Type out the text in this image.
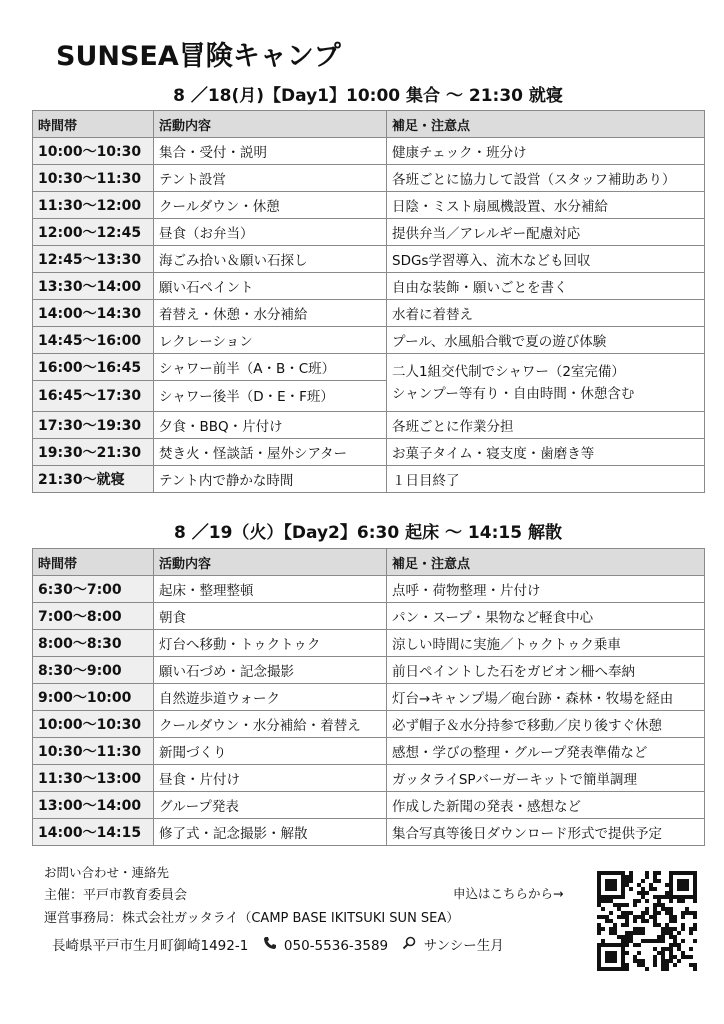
SUNSEA冒険キャンプ
8 ／18(月)【Day1】10:00 集合 ～ 21:30 就寝
時間帯	活動内容	補足・注意点
10:00〜10:30	集合・受付・説明	健康チェック・班分け
10:30〜11:30	テント設営	各班ごとに協力して設営（スタッフ補助あり）
11:30〜12:00	クールダウン・休憩	日陰・ミスト扇風機設置、水分補給
12:00〜12:45	昼食（お弁当）	提供弁当／アレルギー配慮対応
12:45〜13:30	海ごみ拾い＆願い石探し	SDGs学習導入、流木なども回収
13:30〜14:00	願い石ペイント	自由な装飾・願いごとを書く
14:00〜14:30	着替え・休憩・水分補給	水着に着替え
14:45〜16:00	レクレーション	プール、水風船合戦で夏の遊び体験
16:00〜16:45	シャワー前半（A・B・C班）	二人1組交代制でシャワー（2室完備）
シャンプー等有り・自由時間・休憩含む

16:45〜17:30	シャワー後半（D・E・F班）	
17:30〜19:30	夕食・BBQ・片付け	各班ごとに作業分担
19:30〜21:30	焚き火・怪談話・屋外シアター	お菓子タイム・寝支度・歯磨き等
21:30〜就寝	テント内で静かな時間	１日目終了
8 ／19（火）【Day2】6:30 起床 ～ 14:15 解散
時間帯	活動内容	補足・注意点
6:30〜7:00	起床・整理整頓	点呼・荷物整理・片付け
7:00〜8:00	朝食	パン・スープ・果物など軽食中心
8:00〜8:30	灯台へ移動・トゥクトゥク	涼しい時間に実施／トゥクトゥク乗車
8:30〜9:00	願い石づめ・記念撮影	前日ペイントした石をガビオン柵へ奉納
9:00〜10:00	自然遊歩道ウォーク	灯台→キャンプ場／砲台跡・森林・牧場を経由
10:00〜10:30	クールダウン・水分補給・着替え	必ず帽子＆水分持参で移動／戻り後すぐ休憩
10:30〜11:30	新聞づくり	感想・学びの整理・グループ発表準備など
11:30〜13:00	昼食・片付け	ガッタライSPバーガーキットで簡単調理
13:00〜14:00	グループ発表	作成した新聞の発表・感想など
14:00〜14:15	修了式・記念撮影・解散	集合写真等後日ダウンロード形式で提供予定
お問い合わせ・連絡先
主催：平戸市教育委員会
運営事務局：株式会社ガッタライ（CAMP BASE IKITSUKI SUN SEA）
申込はこちらから→
長崎県平戸市生月町御崎1492-1	050-5536-3589	サンシー生月
